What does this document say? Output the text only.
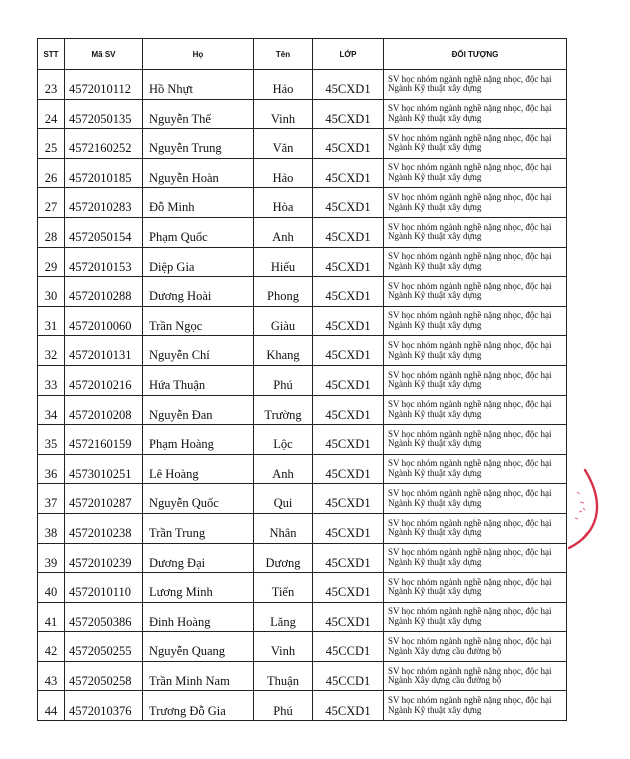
STT	Mã SV	Họ	Tên	LỚP	ĐỐI TƯỢNG
23	4572010112	Hồ Nhựt	Hảo	45CXD1	SV học nhóm ngành nghề nặng nhọc, độc hại Ngành Kỹ thuật xây dựng
24	4572050135	Nguyễn Thế	Vinh	45CXD1	SV học nhóm ngành nghề nặng nhọc, độc hại Ngành Kỹ thuật xây dựng
25	4572160252	Nguyễn Trung	Văn	45CXD1	SV học nhóm ngành nghề nặng nhọc, độc hại Ngành Kỹ thuật xây dựng
26	4572010185	Nguyễn Hoàn	Hảo	45CXD1	SV học nhóm ngành nghề nặng nhọc, độc hại Ngành Kỹ thuật xây dựng
27	4572010283	Đỗ Minh	Hòa	45CXD1	SV học nhóm ngành nghề nặng nhọc, độc hại Ngành Kỹ thuật xây dựng
28	4572050154	Phạm Quốc	Anh	45CXD1	SV học nhóm ngành nghề nặng nhọc, độc hại Ngành Kỹ thuật xây dựng
29	4572010153	Diệp Gia	Hiếu	45CXD1	SV học nhóm ngành nghề nặng nhọc, độc hại Ngành Kỹ thuật xây dựng
30	4572010288	Dương Hoài	Phong	45CXD1	SV học nhóm ngành nghề nặng nhọc, độc hại Ngành Kỹ thuật xây dựng
31	4572010060	Trần Ngọc	Giàu	45CXD1	SV học nhóm ngành nghề nặng nhọc, độc hại Ngành Kỹ thuật xây dựng
32	4572010131	Nguyễn Chí	Khang	45CXD1	SV học nhóm ngành nghề nặng nhọc, độc hại Ngành Kỹ thuật xây dựng
33	4572010216	Hứa Thuận	Phú	45CXD1	SV học nhóm ngành nghề nặng nhọc, độc hại Ngành Kỹ thuật xây dựng
34	4572010208	Nguyễn Đan	Trường	45CXD1	SV học nhóm ngành nghề nặng nhọc, độc hại Ngành Kỹ thuật xây dựng
35	4572160159	Phạm Hoàng	Lộc	45CXD1	SV học nhóm ngành nghề nặng nhọc, độc hại Ngành Kỹ thuật xây dựng
36	4573010251	Lê Hoàng	Anh	45CXD1	SV học nhóm ngành nghề nặng nhọc, độc hại Ngành Kỹ thuật xây dựng
37	4572010287	Nguyễn Quốc	Qui	45CXD1	SV học nhóm ngành nghề nặng nhọc, độc hại Ngành Kỹ thuật xây dựng
38	4572010238	Trần Trung	Nhân	45CXD1	SV học nhóm ngành nghề nặng nhọc, độc hại Ngành Kỹ thuật xây dựng
39	4572010239	Dương Đại	Dương	45CXD1	SV học nhóm ngành nghề nặng nhọc, độc hại Ngành Kỹ thuật xây dựng
40	4572010110	Lương Minh	Tiến	45CXD1	SV học nhóm ngành nghề nặng nhọc, độc hại Ngành Kỹ thuật xây dựng
41	4572050386	Đinh Hoàng	Lăng	45CXD1	SV học nhóm ngành nghề nặng nhọc, độc hại Ngành Kỹ thuật xây dựng
42	4572050255	Nguyễn Quang	Vinh	45CCD1	SV học nhóm ngành nghề nặng nhọc, độc hại Ngành Xây dựng cầu đường bộ
43	4572050258	Trần Minh Nam	Thuận	45CCD1	SV học nhóm ngành nghề nặng nhọc, độc hại Ngành Xây dựng cầu đường bộ
44	4572010376	Trương Đỗ Gia	Phú	45CXD1	SV học nhóm ngành nghề nặng nhọc, độc hại Ngành Kỹ thuật xây dựng
